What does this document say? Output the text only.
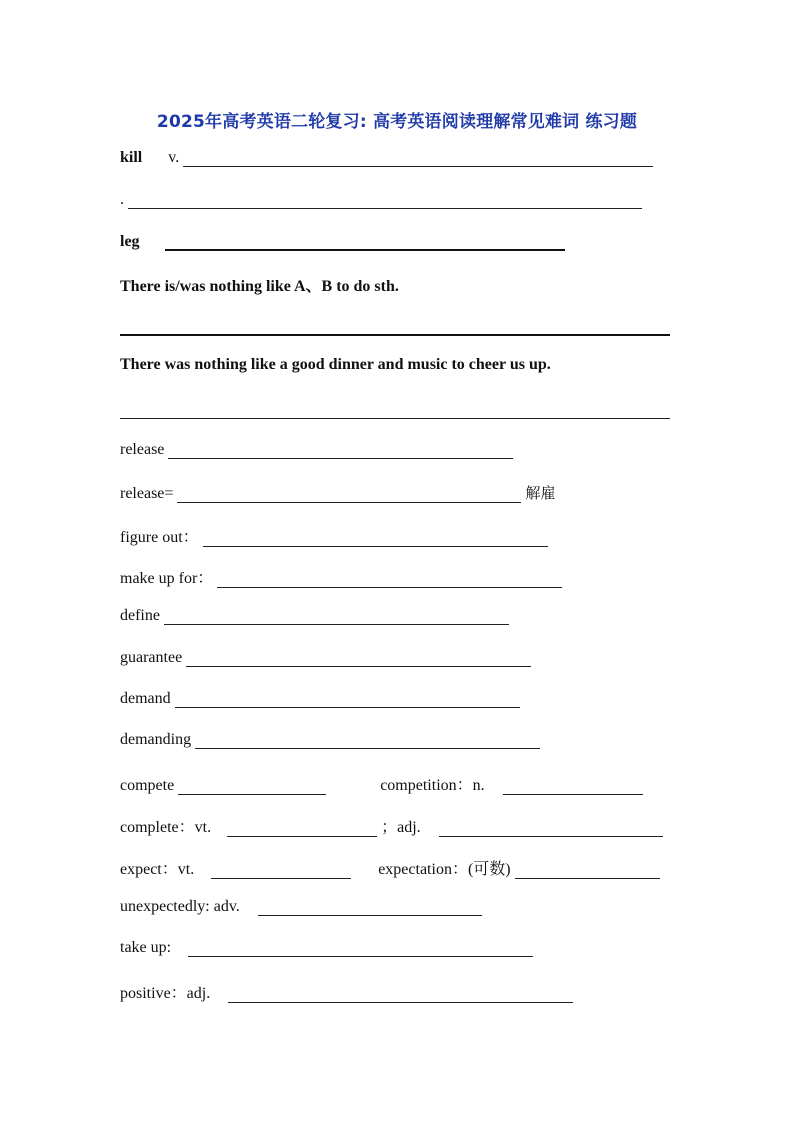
2025年高考英语二轮复习: 高考英语阅读理解常见难词 练习题
kill v.
.
leg
There is/was nothing like A、B to do sth.
There was nothing like a good dinner and music to cheer us up.
release
release=	解雇
figure out：
make up for：
define
guarantee
demand
demanding
compete	competition：n.
complete：vt.	；adj.
expect：vt.	expectation：(可数)
unexpectedly: adv.
take up:
positive：adj.
